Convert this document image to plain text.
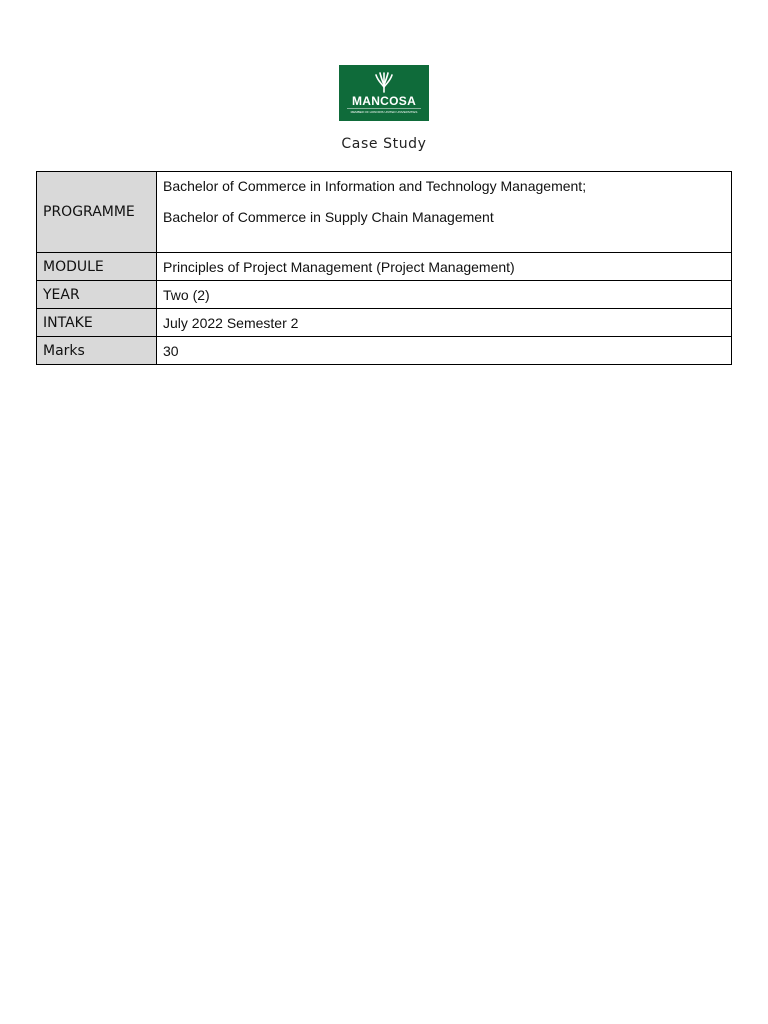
MANCOSA
MEMBER OF HONORIS UNITED UNIVERSITIES
Case Study
PROGRAMME	Bachelor of Commerce in Information and Technology Management;
Bachelor of Commerce in Supply Chain Management

MODULE	Principles of Project Management (Project Management)
YEAR	Two (2)
INTAKE	July 2022 Semester 2
Marks	30
